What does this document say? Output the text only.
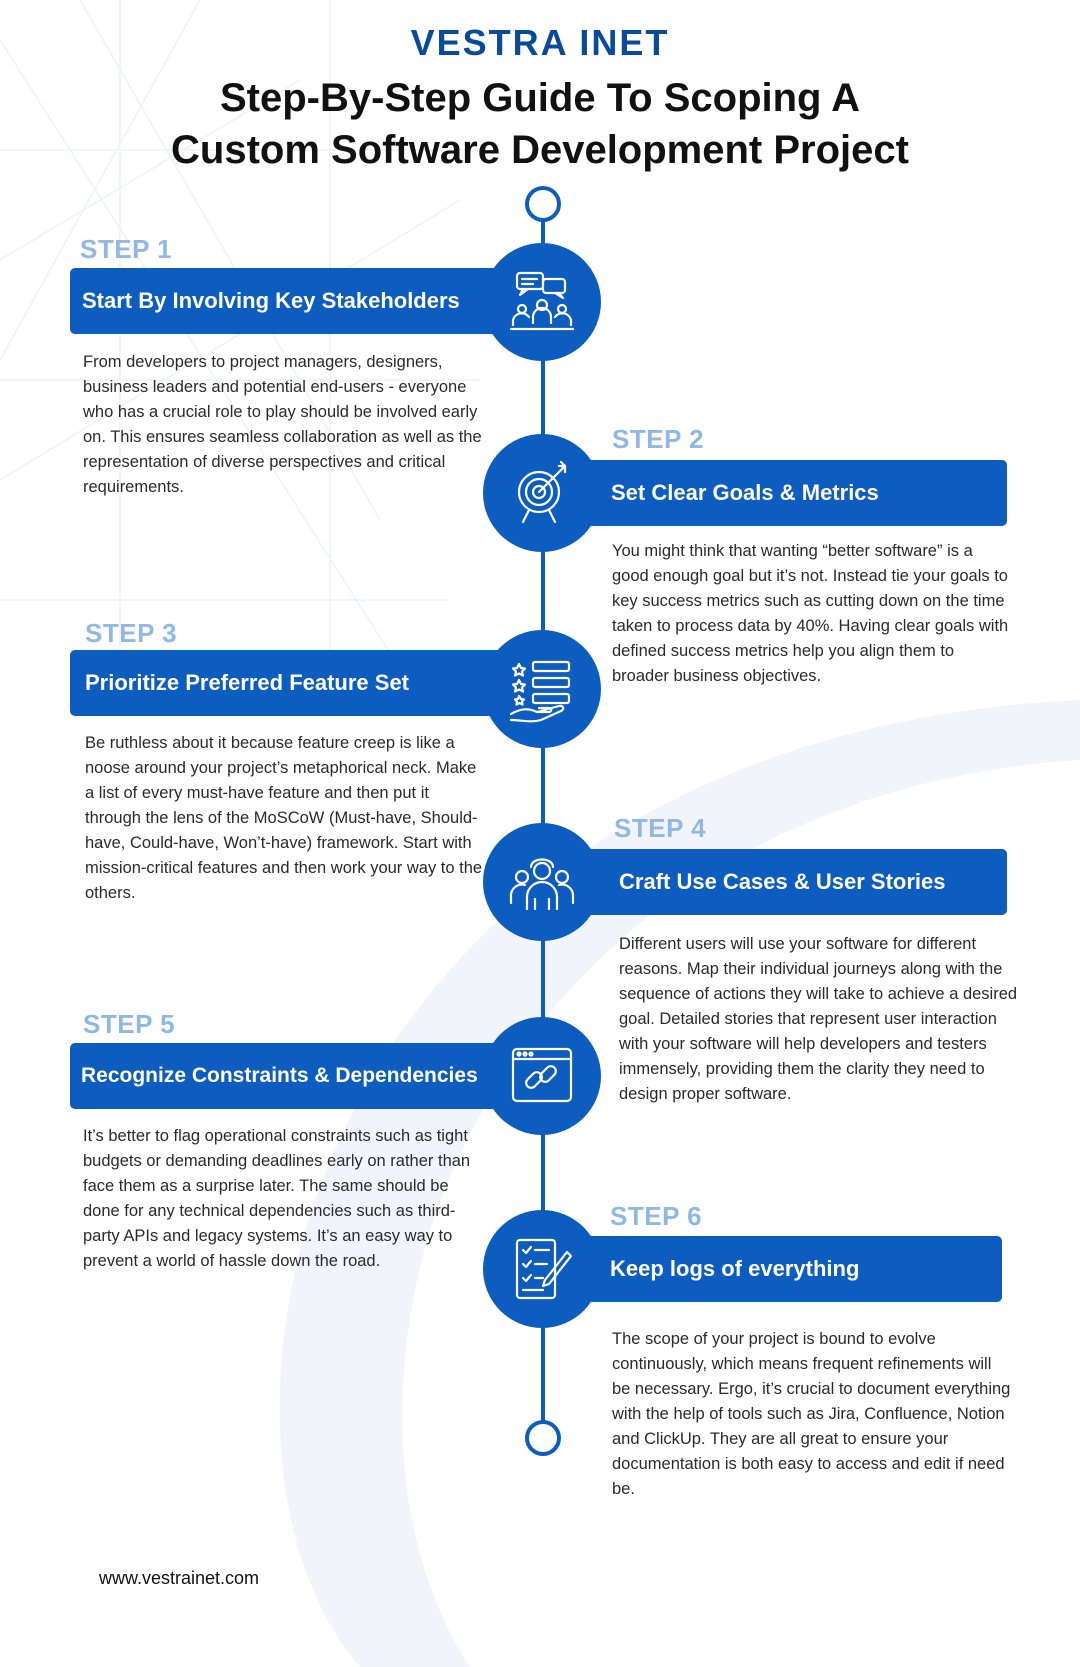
VESTRA INET
Step-By-Step Guide To Scoping A
Custom Software Development Project
STEP 1
Start By Involving Key Stakeholders
From developers to project managers, designers, business leaders and potential end-users - everyone who has a crucial role to play should be involved early on. This ensures seamless collaboration as well as the representation of diverse perspectives and critical requirements.
STEP 2
Set Clear Goals & Metrics
You might think that wanting “better software” is a good enough goal but it’s not. Instead tie your goals to key success metrics such as cutting down on the time taken to process data by 40%. Having clear goals with defined success metrics help you align them to broader business objectives.
STEP 3
Prioritize Preferred Feature Set
Be ruthless about it because feature creep is like a noose around your project’s metaphorical neck. Make a list of every must-have feature and then put it through the lens of the MoSCoW (Must-have, Should-have, Could-have, Won’t-have) framework. Start with mission-critical features and then work your way to the others.
STEP 4
Craft Use Cases & User Stories
Different users will use your software for different reasons. Map their individual journeys along with the sequence of actions they will take to achieve a desired goal. Detailed stories that represent user interaction with your software will help developers and testers immensely, providing them the clarity they need to design proper software.
STEP 5
Recognize Constraints & Dependencies
It’s better to flag operational constraints such as tight budgets or demanding deadlines early on rather than face them as a surprise later. The same should be done for any technical dependencies such as third-party APIs and legacy systems. It’s an easy way to prevent a world of hassle down the road.
STEP 6
Keep logs of everything
The scope of your project is bound to evolve continuously, which means frequent refinements will be necessary. Ergo, it’s crucial to document everything with the help of tools such as Jira, Confluence, Notion and ClickUp. They are all great to ensure your documentation is both easy to access and edit if need be.
www.vestrainet.com
